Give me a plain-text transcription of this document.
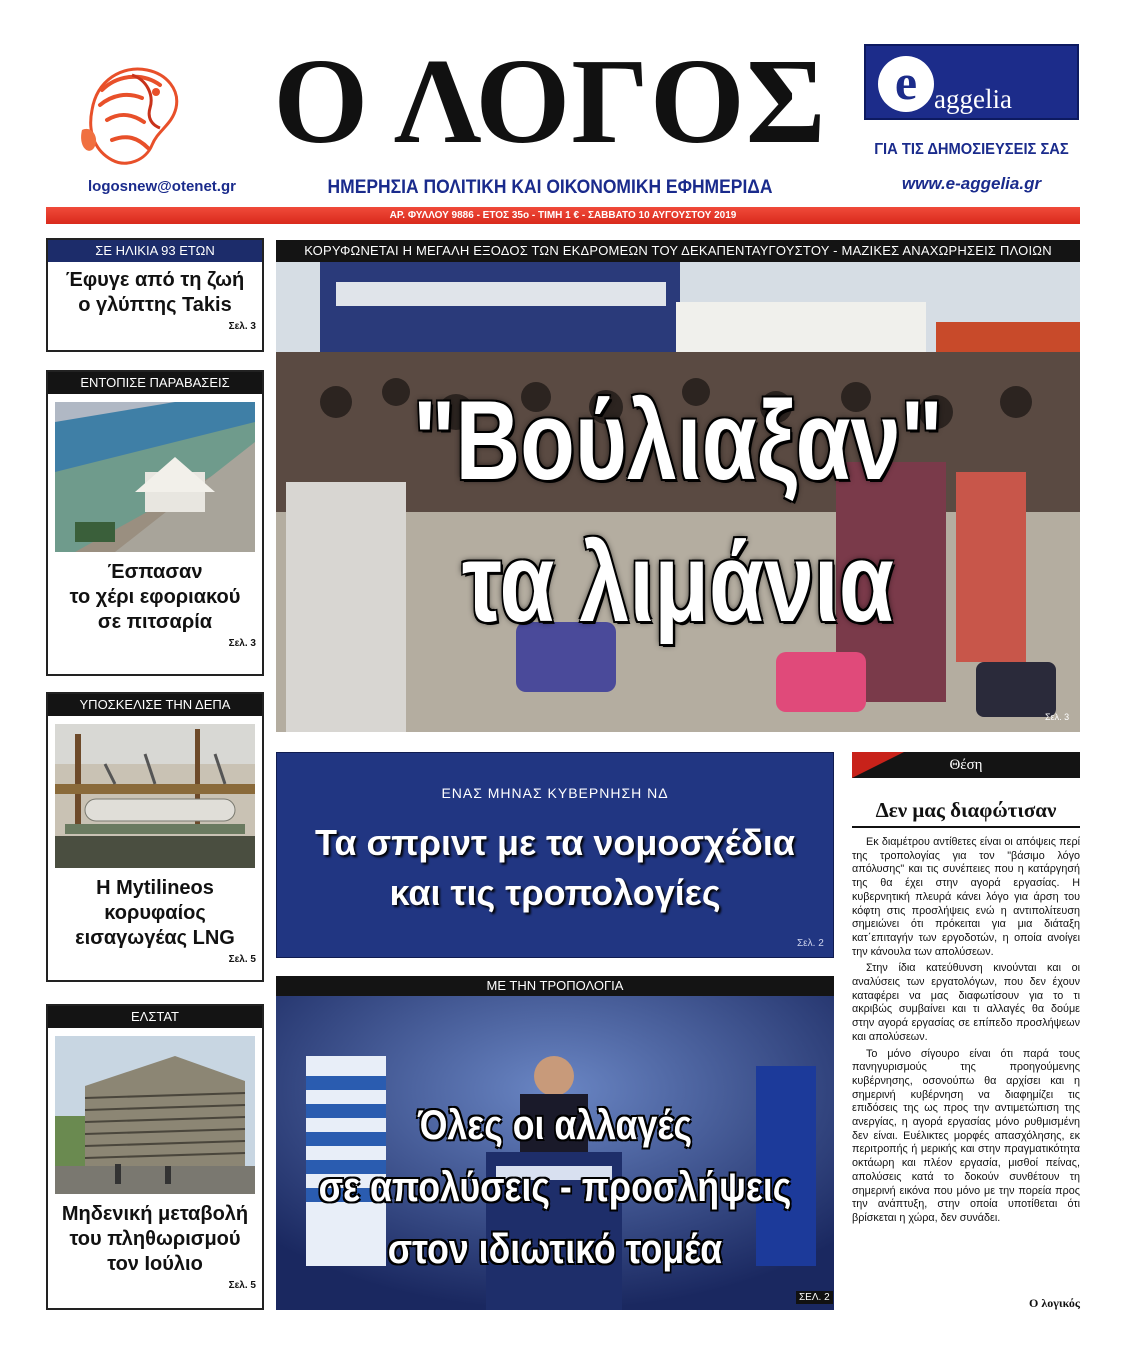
logosnew@otenet.gr
Ο ΛΟΓΟΣ
ΗΜΕΡΗΣΙΑ ΠΟΛΙΤΙΚΗ ΚΑΙ ΟΙΚΟΝΟΜΙΚΗ ΕΦΗΜΕΡΙΔΑ
e aggelia
ΓΙΑ ΤΙΣ ΔΗΜΟΣΙΕΥΣΕΙΣ ΣΑΣ
www.e-aggelia.gr
ΑΡ. ΦΥΛΛΟΥ 9886 - ΕΤΟΣ 35ο - ΤΙΜΗ 1 € - ΣΑΒΒΑΤΟ 10 ΑΥΓΟΥΣΤΟΥ 2019
ΣΕ ΗΛΙΚΙΑ 93 ΕΤΩΝ
Έφυγε από τη ζωή
ο γλύπτης Takis
Σελ. 3
ΕΝΤΟΠΙΣΕ ΠΑΡΑΒΑΣΕΙΣ
Έσπασαν
το χέρι εφοριακού
σε πιτσαρία
Σελ. 3
ΥΠΟΣΚΕΛΙΣΕ ΤΗΝ ΔΕΠΑ
Η Mytilineos
κορυφαίος
εισαγωγέας LNG
Σελ. 5
ΕΛΣΤΑΤ
Μηδενική μεταβολή
του πληθωρισμού
τον Ιούλιο
Σελ. 5
ΚΟΡΥΦΩΝΕΤΑΙ Η ΜΕΓΑΛΗ ΕΞΟΔΟΣ ΤΩΝ ΕΚΔΡΟΜΕΩΝ ΤΟΥ ΔΕΚΑΠΕΝΤΑΥΓΟΥΣΤΟΥ - ΜΑΖΙΚΕΣ ΑΝΑΧΩΡΗΣΕΙΣ ΠΛΟΙΩΝ
"Βούλιαξαν"
τα λιμάνια
Σελ. 3
ΕΝΑΣ ΜΗΝΑΣ ΚΥΒΕΡΝΗΣΗ ΝΔ
Τα σπριντ με τα νομοσχέδια
και τις τροπολογίες
Σελ. 2
ΜΕ ΤΗΝ ΤΡΟΠΟΛΟΓΙΑ
Όλες οι αλλαγές
σε απολύσεις - προσλήψεις
στον ιδιωτικό τομέα
ΣΕΛ. 2
Θέση
Δεν μας διαφώτισαν

Εκ διαμέτρου αντίθετες είναι οι απόψεις περί της τροπολογίας για τον "βάσιμο λόγο απόλυσης" και τις συνέπειες που η κατάργησή της θα έχει στην αγορά εργασίας. Η κυβερνητική πλευρά κάνει λόγο για άρση του κόφτη στις προσλήψεις ενώ η αντιπολίτευση σημειώνει ότι πρόκειται για μια διάταξη κατ΄επιταγήν των εργοδοτών, η οποία ανοίγει την κάνουλα των απολύσεων.

Στην ίδια κατεύθυνση κινούνται και οι αναλύσεις των εργατολόγων, που δεν έχουν καταφέρει να μας διαφωτίσουν για το τι ακριβώς συμβαίνει και τι αλλαγές θα δούμε στην αγορά εργασίας σε επίπεδο προσλήψεων και απολύσεων.

Το μόνο σίγουρο είναι ότι παρά τους πανηγυρισμούς της προηγούμενης κυβέρνησης, οσονούπω θα αρχίσει και η σημερινή κυβέρνηση να διαφημίζει τις επιδόσεις της ως προς την αντιμετώπιση της ανεργίας, η αγορά εργασίας μόνο ρυθμισμένη δεν είναι. Ευέλικτες μορφές απασχόλησης, εκ περιτροπής ή μερικής και στην πραγματικότητα οκτάωρη και πλέον εργασία, μισθοί πείνας, απολύσεις κατά το δοκούν συνθέτουν τη σημερινή εικόνα που μόνο με την πορεία προς την ανάπτυξη, στην οποία υποτίθεται ότι βρίσκεται η χώρα, δεν συνάδει.

Ο λογικός
